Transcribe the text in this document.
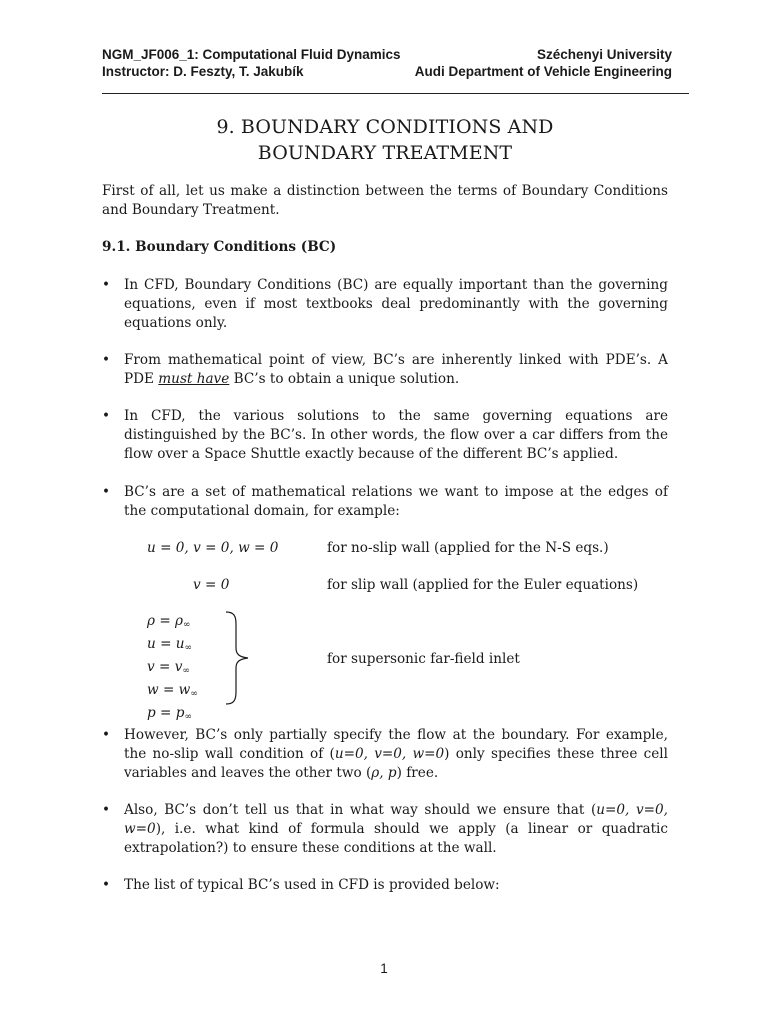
NGM_JF006_1: Computational Fluid Dynamics	Széchenyi University
Instructor: D. Feszty, T. Jakubík	Audi Department of Vehicle Engineering
9. BOUNDARY CONDITIONS AND
BOUNDARY TREATMENT
First of all, let us make a distinction between the terms of Boundary Conditions and Boundary Treatment.
9.1. Boundary Conditions (BC)
•	In CFD, Boundary Conditions (BC) are equally important than the governing equations, even if most textbooks deal predominantly with the governing equations only.
•	From mathematical point of view, BC’s are inherently linked with PDE’s. A PDE must have BC’s to obtain a unique solution.
•	In CFD, the various solutions to the same governing equations are distinguished by the BC’s. In other words, the flow over a car differs from the flow over a Space Shuttle exactly because of the different BC’s applied.
•	BC’s are a set of mathematical relations we want to impose at the edges of the computational domain, for example:
u = 0, v = 0, w = 0	for no-slip wall (applied for the N-S eqs.)
v = 0	for slip wall (applied for the Euler equations)
$\rho = \rho_\infty$
$u = u_\infty$
$v = v_\infty$
$w = w_\infty$
$p = p_\infty$
for supersonic far-field inlet
•	However, BC’s only partially specify the flow at the boundary. For example, the no-slip wall condition of (u=0, v=0, w=0) only specifies these three cell variables and leaves the other two (ρ, p) free.
•	Also, BC’s don’t tell us that in what way should we ensure that (u=0, v=0, w=0), i.e. what kind of formula should we apply (a linear or quadratic extrapolation?) to ensure these conditions at the wall.
•	The list of typical BC’s used in CFD is provided below:
1
